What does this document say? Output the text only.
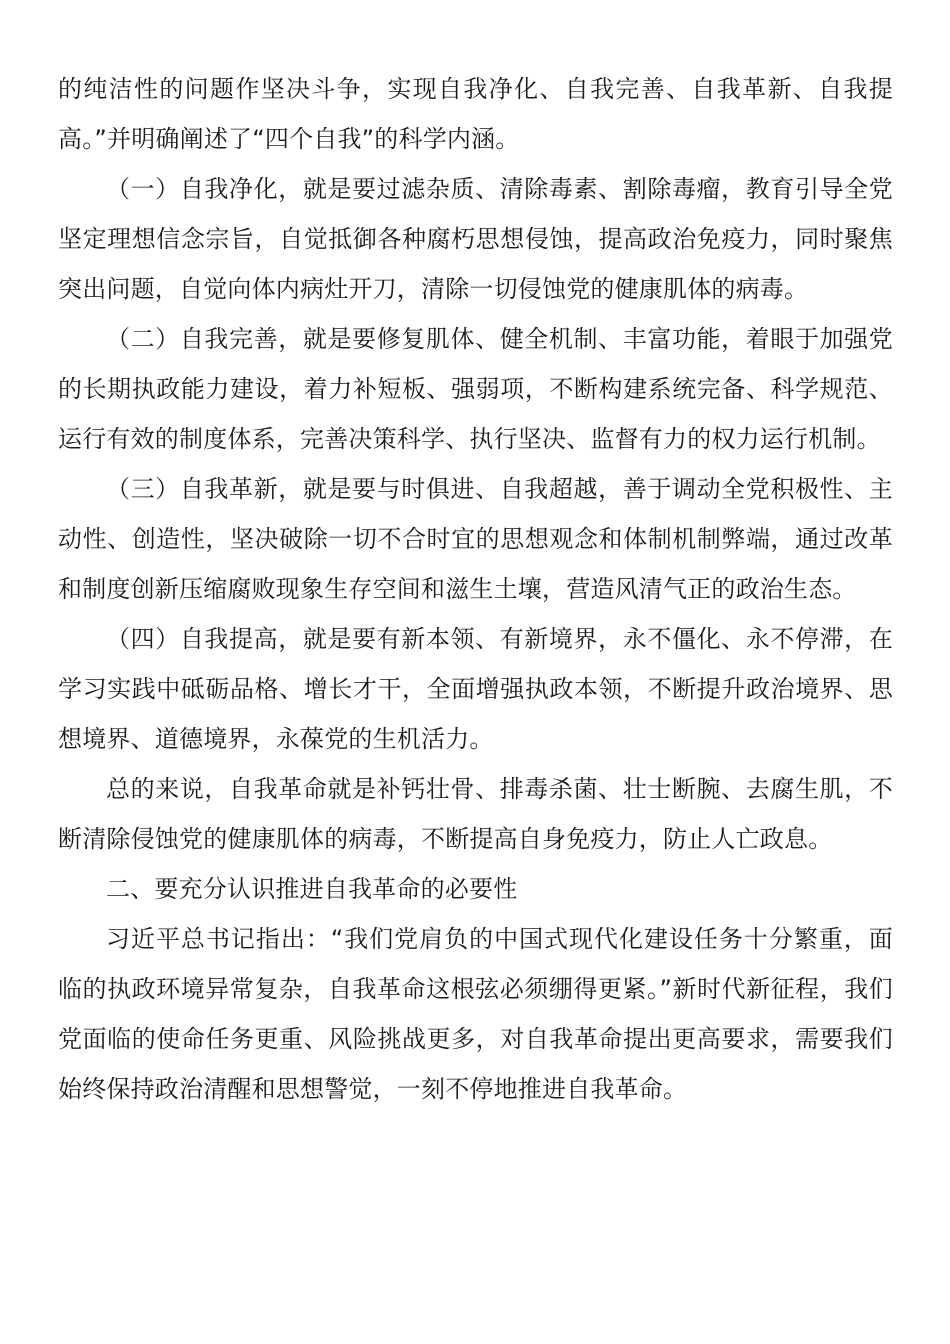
的纯洁性的问题作坚决斗争，实现自我净化、自我完善、自我革新、自我提高。”并明确阐述了“四个自我”的科学内涵。

（一）自我净化，就是要过滤杂质、清除毒素、割除毒瘤，教育引导全党坚定理想信念宗旨，自觉抵御各种腐朽思想侵蚀，提高政治免疫力，同时聚焦突出问题，自觉向体内病灶开刀，清除一切侵蚀党的健康肌体的病毒。

（二）自我完善，就是要修复肌体、健全机制、丰富功能，着眼于加强党的长期执政能力建设，着力补短板、强弱项，不断构建系统完备、科学规范、运行有效的制度体系，完善决策科学、执行坚决、监督有力的权力运行机制。

（三）自我革新，就是要与时俱进、自我超越，善于调动全党积极性、主动性、创造性，坚决破除一切不合时宜的思想观念和体制机制弊端，通过改革和制度创新压缩腐败现象生存空间和滋生土壤，营造风清气正的政治生态。

（四）自我提高，就是要有新本领、有新境界，永不僵化、永不停滞，在学习实践中砥砺品格、增长才干，全面增强执政本领，不断提升政治境界、思想境界、道德境界，永葆党的生机活力。

总的来说，自我革命就是补钙壮骨、排毒杀菌、壮士断腕、去腐生肌，不断清除侵蚀党的健康肌体的病毒，不断提高自身免疫力，防止人亡政息。

二、要充分认识推进自我革命的必要性

习近平总书记指出：“我们党肩负的中国式现代化建设任务十分繁重，面临的执政环境异常复杂，自我革命这根弦必须绷得更紧。”新时代新征程，我们党面临的使命任务更重、风险挑战更多，对自我革命提出更高要求，需要我们始终保持政治清醒和思想警觉，一刻不停地推进自我革命。
